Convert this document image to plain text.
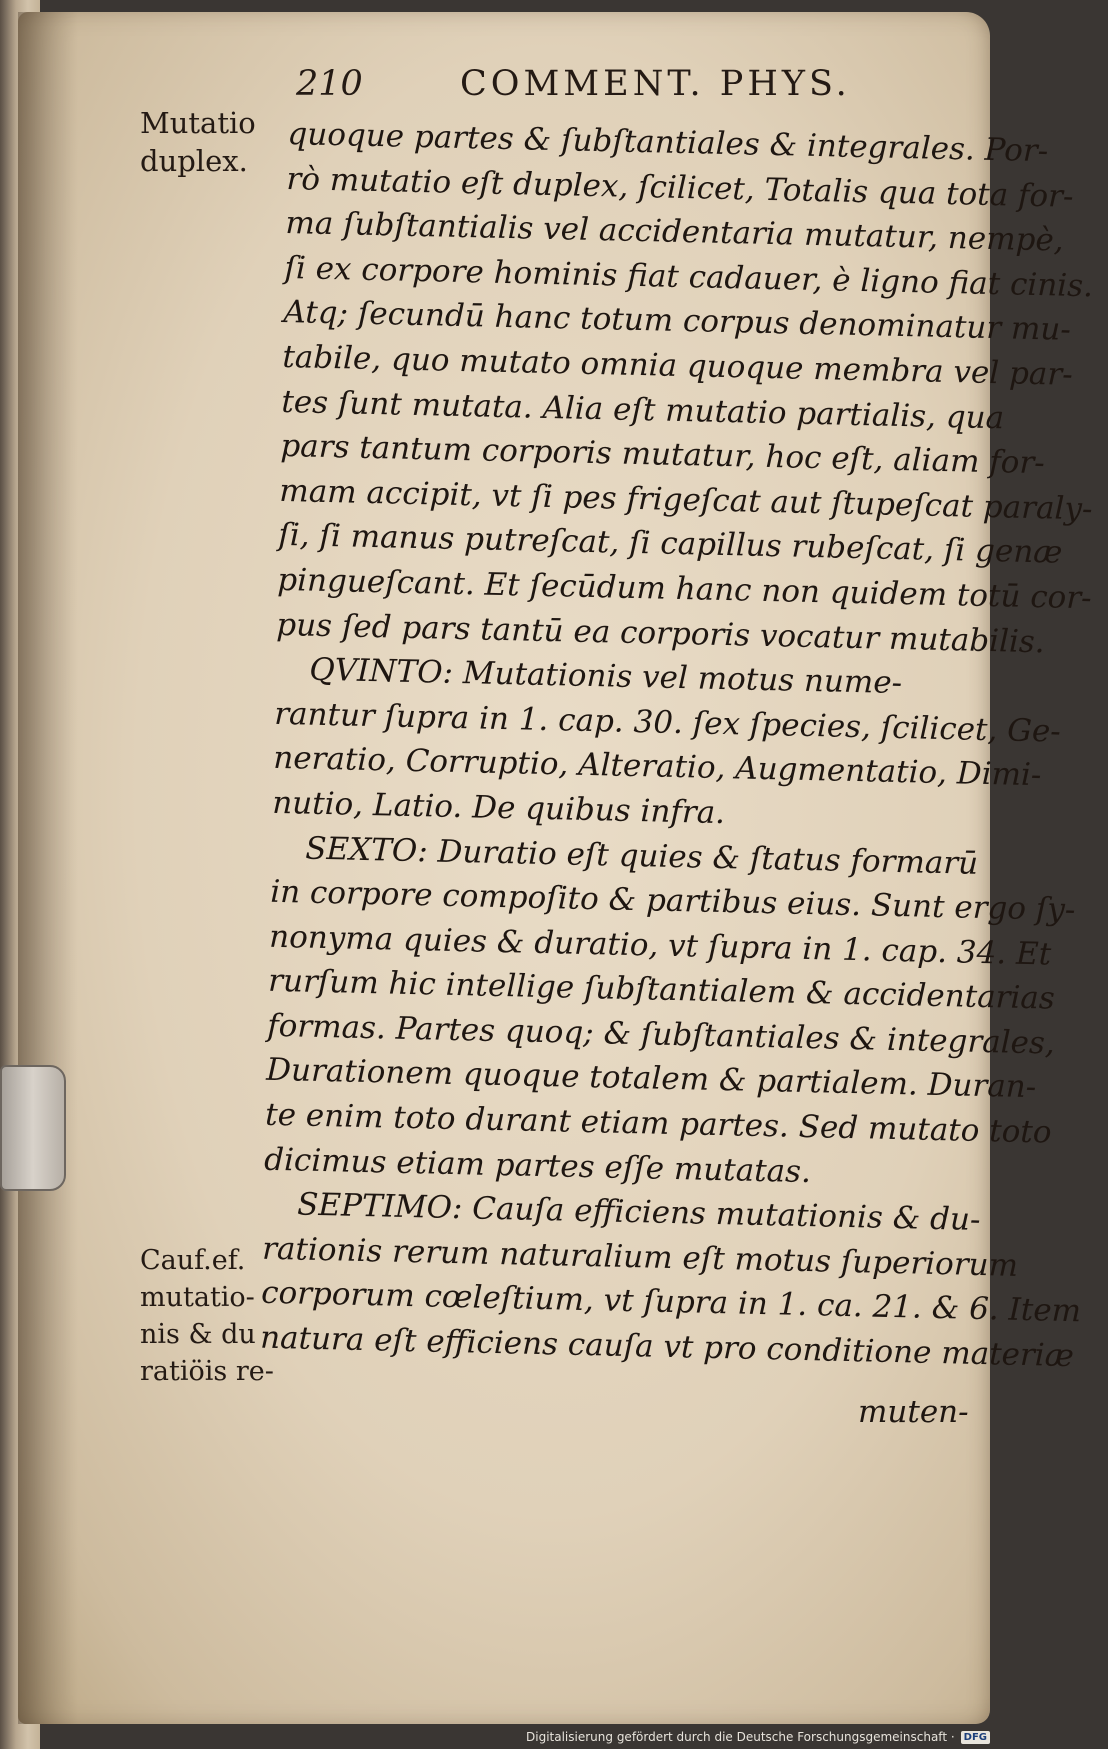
210	COMMENT. PHYS.
Mutatio
duplex.
Cauf.ef.
mutatio-
nis & du
ratiöis re-
quoque partes & ſubſtantiales & integrales. Por-
rò mutatio eſt duplex, ſcilicet, Totalis qua tota for-
ma ſubſtantialis vel accidentaria mutatur, nempè,
ſi ex corpore hominis fiat cadauer, è ligno fiat cinis.
Atq; ſecundū hanc totum corpus denominatur mu-
tabile, quo mutato omnia quoque membra vel par-
tes ſunt mutata. Alia eſt mutatio partialis, qua
pars tantum corporis mutatur, hoc eſt, aliam for-
mam accipit, vt ſi pes frigeſcat aut ſtupeſcat paraly-
ſi, ſi manus putreſcat, ſi capillus rubeſcat, ſi genæ
pingueſcant. Et ſecūdum hanc non quidem totū cor-
pus ſed pars tantū ea corporis vocatur mutabilis.
QVINTO: Mutationis vel motus nume-
rantur ſupra in 1. cap. 30. ſex ſpecies, ſcilicet, Ge-
neratio, Corruptio, Alteratio, Augmentatio, Dimi-
nutio, Latio. De quibus infra.
SEXTO: Duratio eſt quies & ſtatus formarū
in corpore compoſito & partibus eius. Sunt ergo ſy-
nonyma quies & duratio, vt ſupra in 1. cap. 34. Et
rurſum hic intellige ſubſtantialem & accidentarias
formas. Partes quoq; & ſubſtantiales & integrales,
Durationem quoque totalem & partialem. Duran-
te enim toto durant etiam partes. Sed mutato toto
dicimus etiam partes eſſe mutatas.
SEPTIMO: Cauſa efficiens mutationis & du-
rationis rerum naturalium eſt motus ſuperiorum
corporum cœleſtium, vt ſupra in 1. ca. 21. & 6. Item
natura eſt efficiens cauſa vt pro conditione materiæ
muten-
Digitalisierung gefördert durch die Deutsche Forschungsgemeinschaft · DFG
